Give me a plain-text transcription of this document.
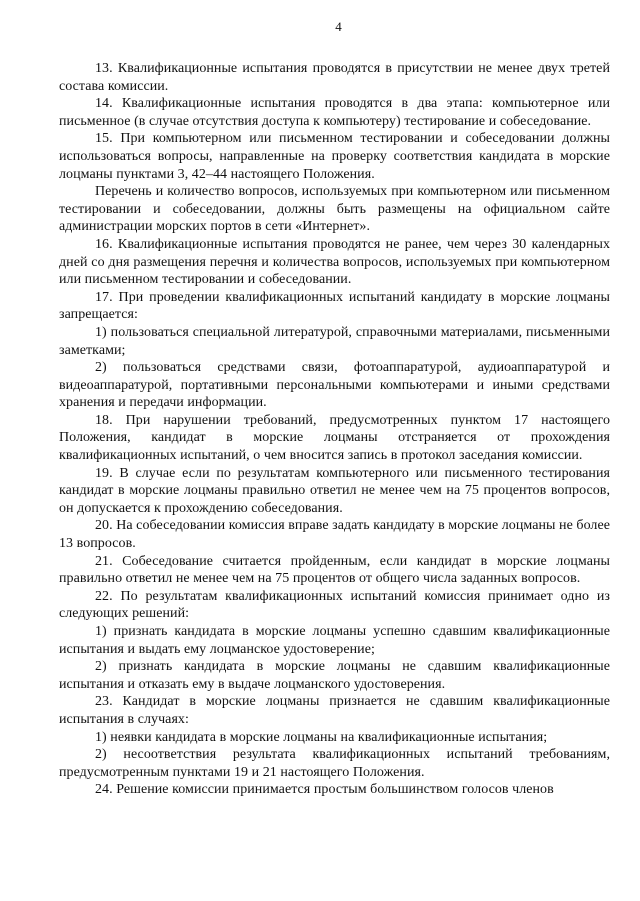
4

13. Квалификационные испытания проводятся в присутствии не менее двух третей состава комиссии.

14. Квалификационные испытания проводятся в два этапа: компьютерное или письменное (в случае отсутствия доступа к компьютеру) тестирование и собеседование.

15. При компьютерном или письменном тестировании и собеседовании должны использоваться вопросы, направленные на проверку соответствия кандидата в морские лоцманы пунктами 3, 42–44 настоящего Положения.

Перечень и количество вопросов, используемых при компьютерном или письменном тестировании и собеседовании, должны быть размещены на официальном сайте администрации морских портов в сети «Интернет».

16. Квалификационные испытания проводятся не ранее, чем через 30 календарных дней со дня размещения перечня и количества вопросов, используемых при компьютерном или письменном тестировании и собеседовании.

17. При проведении квалификационных испытаний кандидату в морские лоцманы запрещается:

1) пользоваться специальной литературой, справочными материалами, письменными заметками;

2) пользоваться средствами связи, фотоаппаратурой, аудиоаппаратурой и видеоаппаратурой, портативными персональными компьютерами и иными средствами хранения и передачи информации.

18. При нарушении требований, предусмотренных пунктом 17 настоящего Положения, кандидат в морские лоцманы отстраняется от прохождения квалификационных испытаний, о чем вносится запись в протокол заседания комиссии.

19. В случае если по результатам компьютерного или письменного тестирования кандидат в морские лоцманы правильно ответил не менее чем на 75 процентов вопросов, он допускается к прохождению собеседования.

20. На собеседовании комиссия вправе задать кандидату в морские лоцманы не более 13 вопросов.

21. Собеседование считается пройденным, если кандидат в морские лоцманы правильно ответил не менее чем на 75 процентов от общего числа заданных вопросов.

22. По результатам квалификационных испытаний комиссия принимает одно из следующих решений:

1) признать кандидата в морские лоцманы успешно сдавшим квалификационные испытания и выдать ему лоцманское удостоверение;

2) признать кандидата в морские лоцманы не сдавшим квалификационные испытания и отказать ему в выдаче лоцманского удостоверения.

23. Кандидат в морские лоцманы признается не сдавшим квалификационные испытания в случаях:

1) неявки кандидата в морские лоцманы на квалификационные испытания;

2) несоответствия результата квалификационных испытаний требованиям, предусмотренным пунктами 19 и 21 настоящего Положения.

24. Решение комиссии принимается простым большинством голосов членов
